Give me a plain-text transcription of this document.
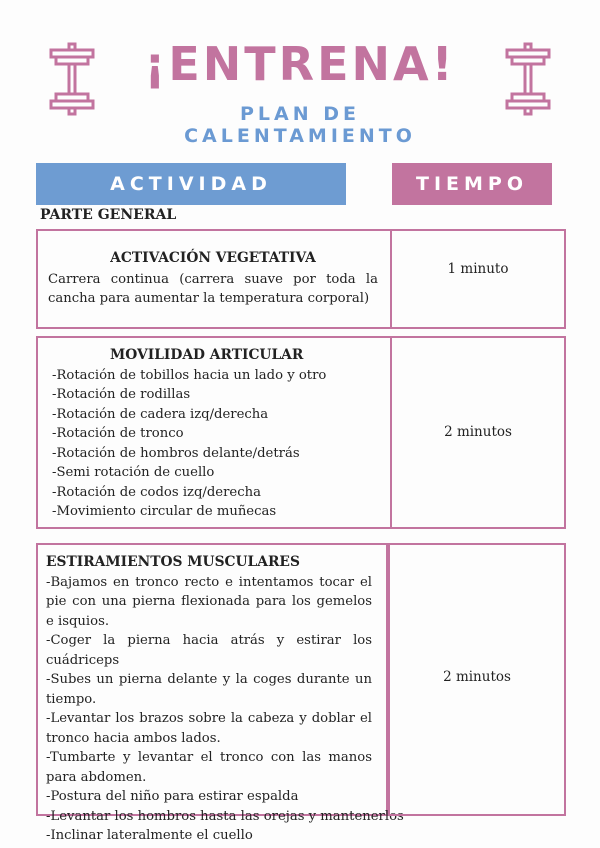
¡ENTRENA!
PLAN DE
CALENTAMIENTO
ACTIVIDAD	TIEMPO
PARTE GENERAL
ACTIVACIÓN VEGETATIVA
Carrera continua (carrera suave por toda la cancha para aumentar la temperatura corporal)
1 minuto
MOVILIDAD ARTICULAR
-Rotación de tobillos hacia un lado y otro
-Rotación de rodillas
-Rotación de cadera izq/derecha
-Rotación de tronco
-Rotación de hombros delante/detrás
-Semi rotación de cuello
-Rotación de codos izq/derecha
-Movimiento circular de muñecas
2 minutos
ESTIRAMIENTOS MUSCULARES
-Bajamos en tronco recto e intentamos tocar el pie con una pierna flexionada para los gemelos e isquios.
-Coger la pierna hacia atrás y estirar los cuádriceps
-Subes un pierna delante y la coges durante un tiempo.
-Levantar los brazos sobre la cabeza y doblar el tronco hacia ambos lados.
-Tumbarte y levantar el tronco con las manos para abdomen.
-Postura del niño para estirar espalda
-Levantar los hombros hasta las orejas y mantenerlos
-Inclinar lateralmente el cuello
2 minutos
